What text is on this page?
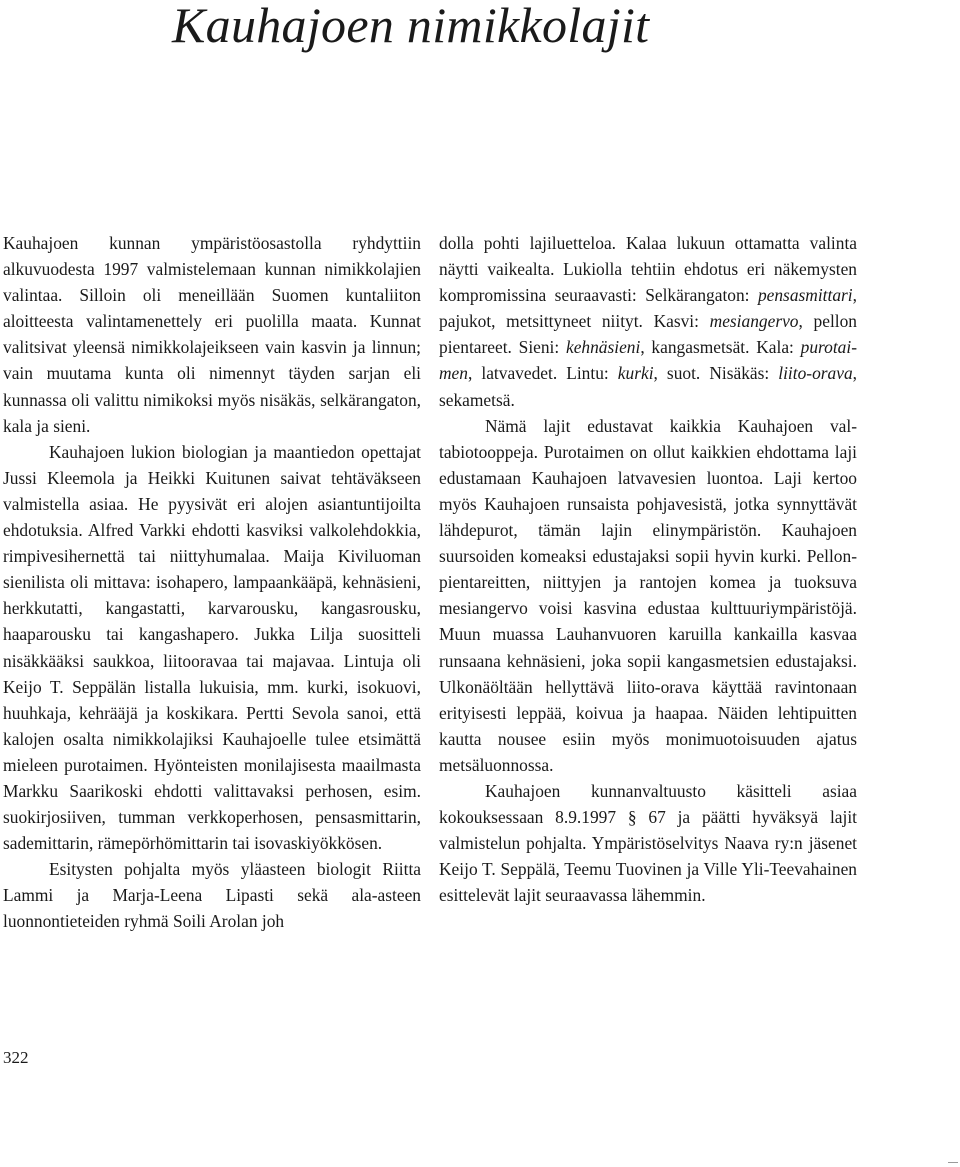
Kauhajoen nimikkolajit

Kauhajoen kunnan ympäristöosastolla ryhdyttiin alkuvuodesta 1997 valmistelemaan kunnan nimikkolajien valintaa. Silloin oli meneillään Suomen kuntaliiton aloitteesta valintamenettely eri puolilla maata. Kunnat valitsivat yleensä nimikkolajeikseen vain kasvin ja linnun; vain muutama kunta oli nimennyt täyden sarjan eli kunnassa oli valittu nimikoksi myös nisäkäs, selkärangaton, kala ja sieni.

Kauhajoen lukion biologian ja maantiedon opettajat Jussi Kleemola ja Heikki Kuitunen saivat tehtäväkseen valmistella asiaa. He pyysivät eri alojen asiantuntijoilta ehdotuksia. Alfred Varkki ehdotti kasviksi valkolehdokkia, rimpivesihernettä tai niittyhumalaa. Maija Kiviluoman sienilista oli mittava: isohapero, lampaankääpä, kehnäsieni, herkkutatti, kangastatti, karvarousku, kangasrousku, haaparousku tai kangashapero. Jukka Lilja suositteli nisäkkääksi saukkoa, liitooravaa tai majavaa. Lintuja oli Keijo T. Seppälän listalla lukuisia, mm. kurki, isokuovi, huuhkaja, kehrääjä ja koskikara. Pertti Sevola sanoi, että kalojen osalta nimikkolajiksi Kauhajoelle tulee etsimättä mieleen purotaimen. Hyönteisten monilajisesta maailmasta Markku Saarikoski ehdotti valittavaksi perhosen, esim. suokirjosiiven, tumman verkkoperhosen, pensasmittarin, sademittarin, rämepörhömittarin tai isovaskiyökkösen.

Esitysten pohjalta myös yläasteen biologit Riitta Lammi ja Marja-Leena Lipasti sekä ala-asteen luonnontieteiden ryhmä Soili Arolan joh

dolla pohti lajiluetteloa. Kalaa lukuun ottamatta valinta näytti vaikealta. Lukiolla tehtiin ehdotus eri näkemysten kompromissina seuraavasti: Selkärangaton: pensasmittari, pajukot, metsittyneet niityt. Kasvi: mesiangervo, pellon pientareet. Sieni: kehnäsieni, kangasmetsät. Kala: purotaimen, latvavedet. Lintu: kurki, suot. Nisäkäs: liito-orava, sekametsä.

Nämä lajit edustavat kaikkia Kauhajoen valtabiotooppeja. Purotaimen on ollut kaikkien ehdottama laji edustamaan Kauhajoen latvavesien luontoa. Laji kertoo myös Kauhajoen runsaista pohjavesistä, jotka synnyttävät lähdepurot, tämän lajin elinympäristön. Kauhajoen suursoiden komeaksi edustajaksi sopii hyvin kurki. Pellonpientareitten, niittyjen ja rantojen komea ja tuoksuva mesiangervo voisi kasvina edustaa kulttuuriympäristöjä. Muun muassa Lauhanvuoren karuilla kankailla kasvaa runsaana kehnäsieni, joka sopii kangasmetsien edustajaksi. Ulkonäöltään hellyttävä liito-orava käyttää ravintonaan erityisesti leppää, koivua ja haapaa. Näiden lehtipuitten kautta nousee esiin myös monimuotoisuuden ajatus metsäluonnossa.

Kauhajoen kunnanvaltuusto käsitteli asiaa kokouksessaan 8.9.1997 § 67 ja päätti hyväksyä lajit valmistelun pohjalta. Ympäristöselvitys Naava ry:n jäsenet Keijo T. Seppälä, Teemu Tuovinen ja Ville Yli-Teevahainen esittelevät lajit seuraavassa lähemmin.

322
